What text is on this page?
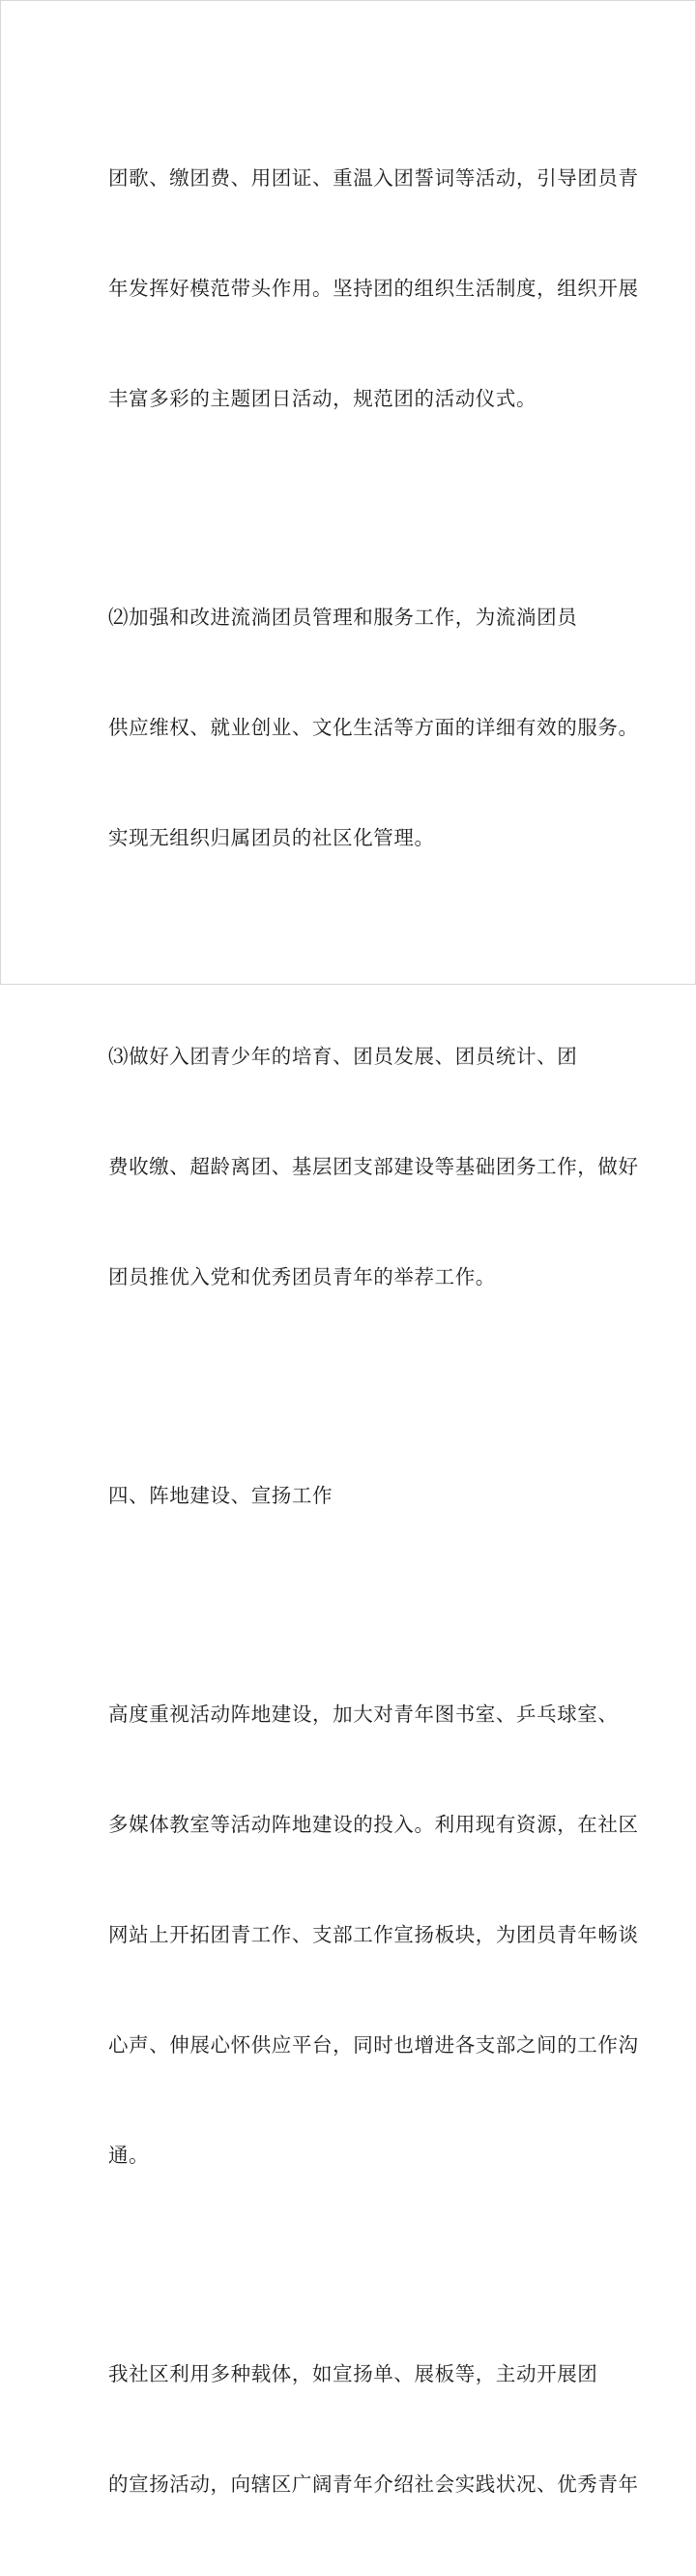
团歌、缴团费、用团证、重温入团誓词等活动，引导团员青

年发挥好模范带头作用。坚持团的组织生活制度，组织开展

丰富多彩的主题团日活动，规范团的活动仪式。

⑵加强和改进流淌团员管理和服务工作，为流淌团员

供应维权、就业创业、文化生活等方面的详细有效的服务。

实现无组织归属团员的社区化管理。

⑶做好入团青少年的培育、团员发展、团员统计、团

费收缴、超龄离团、基层团支部建设等基础团务工作，做好

团员推优入党和优秀团员青年的举荐工作。

四、阵地建设、宣扬工作

高度重视活动阵地建设，加大对青年图书室、乒乓球室、

多媒体教室等活动阵地建设的投入。利用现有资源，在社区

网站上开拓团青工作、支部工作宣扬板块，为团员青年畅谈

心声、伸展心怀供应平台，同时也增进各支部之间的工作沟

通。

我社区利用多种载体，如宣扬单、展板等，主动开展团

的宣扬活动，向辖区广阔青年介绍社会实践状况、优秀青年
